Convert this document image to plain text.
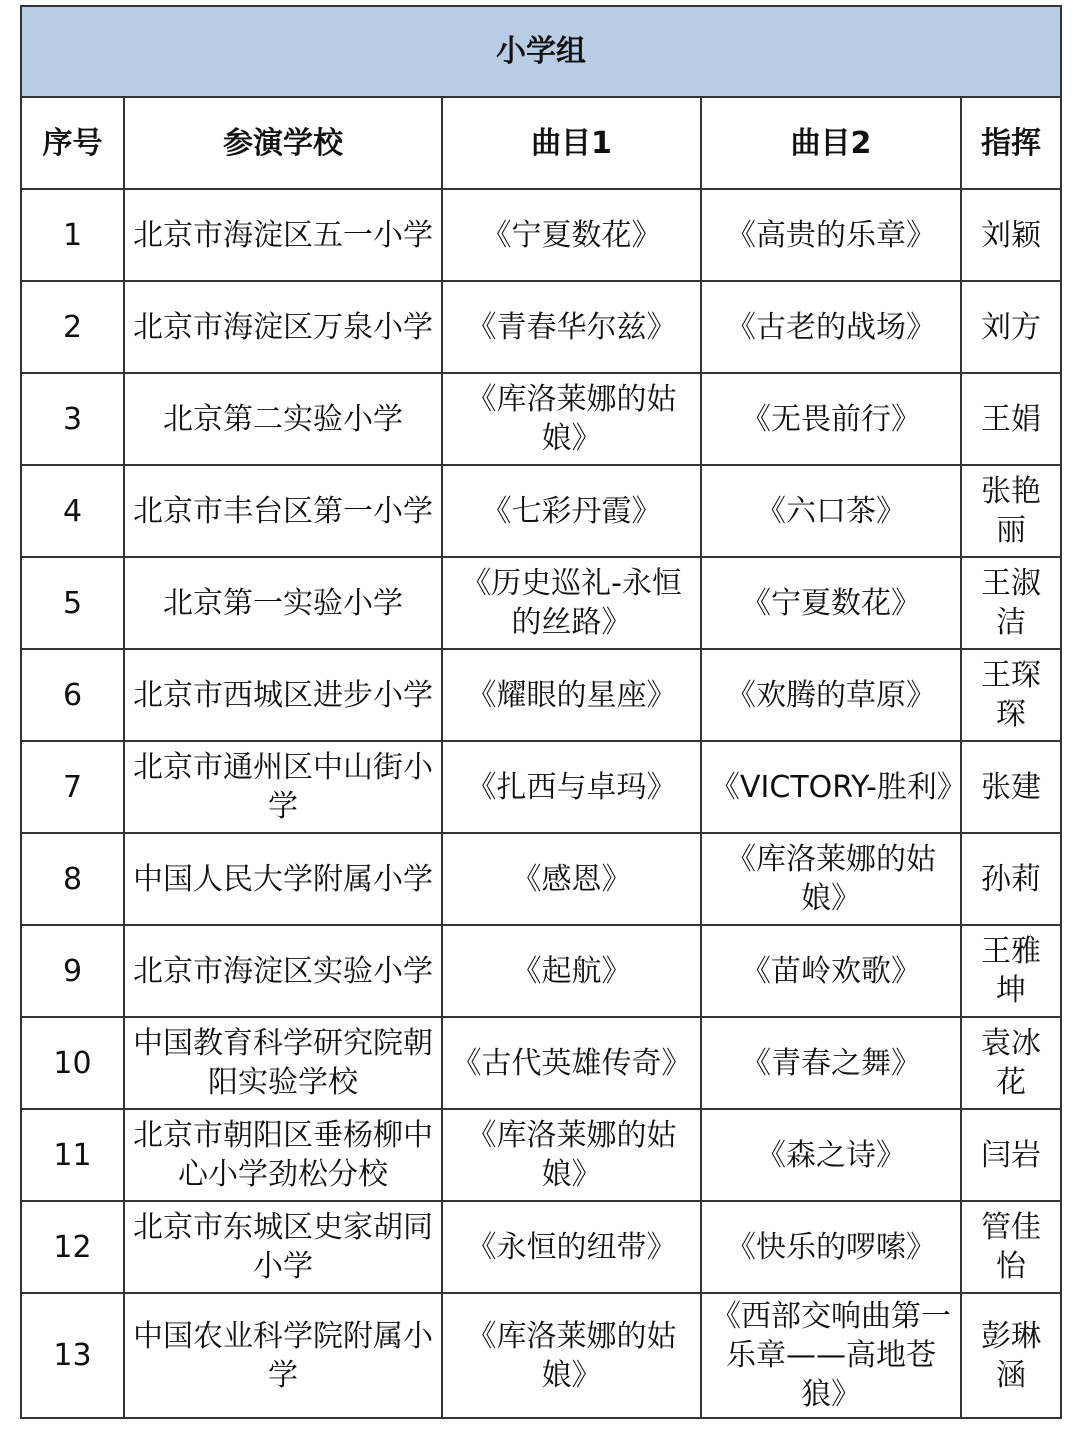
小学组				
序号	参演学校	曲目1	曲目2	指挥
1	北京市海淀区五一小学	《宁夏数花》	《高贵的乐章》	刘颖
2	北京市海淀区万泉小学	《青春华尔兹》	《古老的战场》	刘方
3	北京第二实验小学	《库洛莱娜的姑娘》	《无畏前行》	王娟
4	北京市丰台区第一小学	《七彩丹霞》	《六口茶》	张艳丽
5	北京第一实验小学	《历史巡礼-永恒的丝路》	《宁夏数花》	王淑洁
6	北京市西城区进步小学	《耀眼的星座》	《欢腾的草原》	王琛琛
7	北京市通州区中山街小学	《扎西与卓玛》	《VICTORY-胜利》	张建
8	中国人民大学附属小学	《感恩》	《库洛莱娜的姑娘》	孙莉
9	北京市海淀区实验小学	《起航》	《苗岭欢歌》	王雅坤
10	中国教育科学研究院朝阳实验学校	《古代英雄传奇》	《青春之舞》	袁冰花
11	北京市朝阳区垂杨柳中心小学劲松分校	《库洛莱娜的姑娘》	《森之诗》	闫岩
12	北京市东城区史家胡同小学	《永恒的纽带》	《快乐的啰嗦》	管佳怡
13	中国农业科学院附属小学	《库洛莱娜的姑娘》	《西部交响曲第一乐章——高地苍狼》	彭琳涵
